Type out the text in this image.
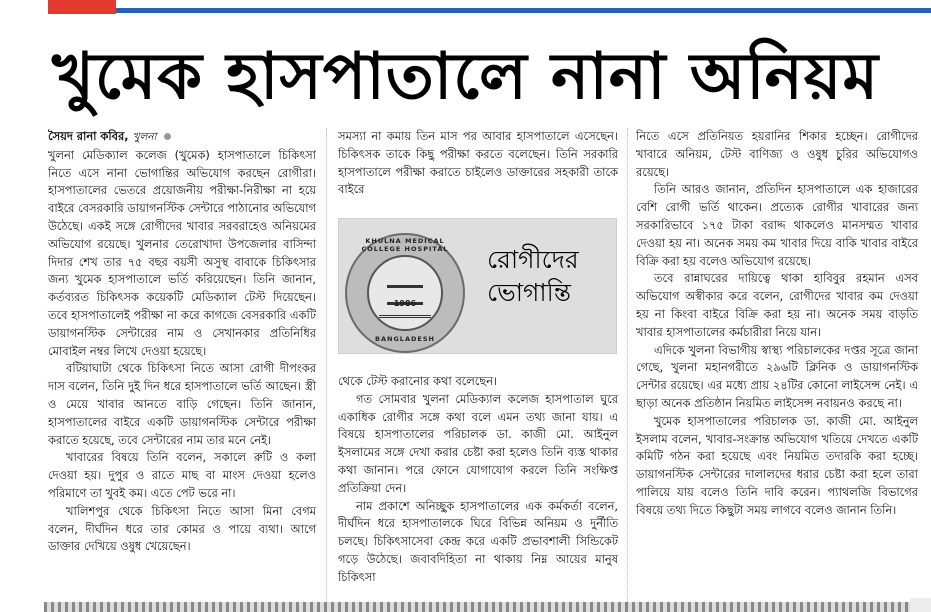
খুমেক হাসপাতালে নানা অনিয়ম

সৈয়দ রানা কবির, খুলনা

খুলনা মেডিক্যাল কলেজ (খুমেক) হাসপাতালে চিকিৎসা নিতে এসে নানা ভোগান্তির অভিযোগ করছেন রোগীরা। হাসপাতালের ভেতরে প্রয়োজনীয় পরীক্ষা-নিরীক্ষা না হয়ে বাইরে বেসরকারি ডায়াগনস্টিক সেন্টারে পাঠানোর অভিযোগ উঠেছে। একই সঙ্গে রোগীদের খাবার সরবরাহেও অনিয়মের অভিযোগ রয়েছে। খুলনার তেরোখাদা উপজেলার বাসিন্দা দিদার শেখ তার ৭৫ বছর বয়সী অসুস্থ বাবাকে চিকিৎসার জন্য খুমেক হাসপাতালে ভর্তি করিয়েছেন। তিনি জানান, কর্তব্যরত চিকিৎসক কয়েকটি মেডিক্যাল টেস্ট দিয়েছেন। তবে হাসপাতালেই পরীক্ষা না করে কাগজে বেসরকারি একটি ডায়াগনস্টিক সেন্টারের নাম ও সেখানকার প্রতিনিধির মোবাইল নম্বর লিখে দেওয়া হয়েছে।

বটিয়াঘাটা থেকে চিকিৎসা নিতে আসা রোগী দীপংকর দাস বলেন, তিনি দুই দিন ধরে হাসপাতালে ভর্তি আছেন। স্ত্রী ও মেয়ে খাবার আনতে বাড়ি গেছেন। তিনি জানান, হাসপাতালের বাইরে একটি ডায়াগনস্টিক সেন্টারে পরীক্ষা করাতে হয়েছে, তবে সেন্টারের নাম তার মনে নেই।

খাবারের বিষয়ে তিনি বলেন, সকালে রুটি ও কলা দেওয়া হয়। দুপুর ও রাতে মাছ বা মাংস দেওয়া হলেও পরিমাণে তা খুবই কম। এতে পেট ভরে না।

খালিশপুর থেকে চিকিৎসা নিতে আসা মিনা বেগম বলেন, দীর্ঘদিন ধরে তার কোমর ও পায়ে ব্যথা। আগে ডাক্তার দেখিয়ে ওষুধ খেয়েছেন।

সমস্যা না কমায় তিন মাস পর আবার হাসপাতালে এসেছেন। চিকিৎসক তাকে কিছু পরীক্ষা করতে বলেছেন। তিনি সরকারি হাসপাতালে পরীক্ষা করাতে চাইলেও ডাক্তারের সহকারী তাকে বাইরে

KHULNA MEDICAL COLLEGE HOSPITAL
1986
BANGLADESH
রোগীদের
ভোগান্তি

থেকে টেস্ট করানোর কথা বলেছেন।

গত সোমবার খুলনা মেডিক্যাল কলেজ হাসপাতাল ঘুরে একাধিক রোগীর সঙ্গে কথা বলে এমন তথ্য জানা যায়। এ বিষয়ে হাসপাতালের পরিচালক ডা. কাজী মো. আইনুল ইসলামের সঙ্গে দেখা করার চেষ্টা করা হলেও তিনি ব্যস্ত থাকার কথা জানান। পরে ফোনে যোগাযোগ করলে তিনি সংক্ষিপ্ত প্রতিক্রিয়া দেন।

নাম প্রকাশে অনিচ্ছুক হাসপাতালের এক কর্মকর্তা বলেন, দীর্ঘদিন ধরে হাসপাতালকে ঘিরে বিভিন্ন অনিয়ম ও দুর্নীতি চলছে। চিকিৎসাসেবা কেন্দ্র করে একটি প্রভাবশালী সিন্ডিকেট গড়ে উঠেছে। জবাবদিহিতা না থাকায় নিম্ন আয়ের মানুষ চিকিৎসা

নিতে এসে প্রতিনিয়ত হয়রানির শিকার হচ্ছেন। রোগীদের খাবারে অনিয়ম, টেস্ট বাণিজ্য ও ওষুধ চুরির অভিযোগও রয়েছে।

তিনি আরও জানান, প্রতিদিন হাসপাতালে এক হাজারের বেশি রোগী ভর্তি থাকেন। প্রত্যেক রোগীর খাবারের জন্য সরকারিভাবে ১৭৫ টাকা বরাদ্দ থাকলেও মানসম্মত খাবার দেওয়া হয় না। অনেক সময় কম খাবার দিয়ে বাকি খাবার বাইরে বিক্রি করা হয় বলেও অভিযোগ রয়েছে।

তবে রান্নাঘরের দায়িত্বে থাকা হাবিবুর রহমান এসব অভিযোগ অস্বীকার করে বলেন, রোগীদের খাবার কম দেওয়া হয় না কিংবা বাইরে বিক্রি করা হয় না। অনেক সময় বাড়তি খাবার হাসপাতালের কর্মচারীরা নিয়ে যান।

এদিকে খুলনা বিভাগীয় স্বাস্থ্য পরিচালকের দপ্তর সূত্রে জানা গেছে, খুলনা মহানগরীতে ২৯৬টি ক্লিনিক ও ডায়াগনস্টিক সেন্টার রয়েছে। এর মধ্যে প্রায় ২৪টির কোনো লাইসেন্স নেই। এ ছাড়া অনেক প্রতিষ্ঠান নিয়মিত লাইসেন্স নবায়নও করছে না।

খুমেক হাসপাতালের পরিচালক ডা. কাজী মো. আইনুল ইসলাম বলেন, খাবার-সংক্রান্ত অভিযোগ খতিয়ে দেখতে একটি কমিটি গঠন করা হয়েছে এবং নিয়মিত তদারকি করা হচ্ছে। ডায়াগনস্টিক সেন্টারের দালালদের ধরার চেষ্টা করা হলে তারা পালিয়ে যায় বলেও তিনি দাবি করেন। প্যাথলজি বিভাগের বিষয়ে তথ্য দিতে কিছুটা সময় লাগবে বলেও জানান তিনি।
